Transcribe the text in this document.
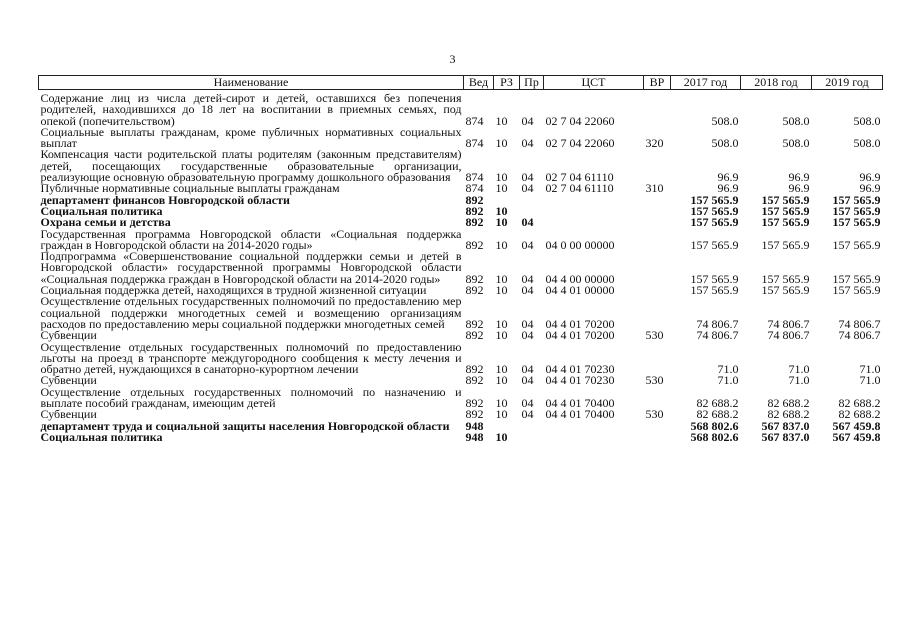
3
Наименование	Вед	РЗ	Пр	ЦСТ	ВР	2017 год	2018 год	2019 год

Содержание лиц из числа детей-сирот и детей, оставшихся без попечения родителей, находившихся до 18 лет на воспитании в приемных семьях, под опекой (попечительством)	874	10	04	02 7 04 22060		508.0	508.0	508.0
Социальные выплаты гражданам, кроме публичных нормативных социальных выплат	874	10	04	02 7 04 22060	320	508.0	508.0	508.0
Компенсация части родительской платы родителям (законным представителям) детей, посещающих государственные образовательные организации, реализующие основную образовательную программу дошкольного образования	874	10	04	02 7 04 61110		96.9	96.9	96.9
Публичные нормативные социальные выплаты гражданам	874	10	04	02 7 04 61110	310	96.9	96.9	96.9
департамент финансов Новгородской области	892					157 565.9	157 565.9	157 565.9
Социальная политика	892	10				157 565.9	157 565.9	157 565.9
Охрана семьи и детства	892	10	04			157 565.9	157 565.9	157 565.9
Государственная программа Новгородской области «Социальная поддержка граждан в Новгородской области на 2014-2020 годы»	892	10	04	04 0 00 00000		157 565.9	157 565.9	157 565.9
Подпрограмма «Совершенствование социальной поддержки семьи и детей в Новгородской области» государственной программы Новгородской области «Социальная поддержка граждан в Новгородской области на 2014-2020 годы»	892	10	04	04 4 00 00000		157 565.9	157 565.9	157 565.9
Социальная поддержка детей, находящихся в трудной жизненной ситуации	892	10	04	04 4 01 00000		157 565.9	157 565.9	157 565.9
Осуществление отдельных государственных полномочий по предоставлению мер социальной поддержки многодетных семей и возмещению организациям расходов по предоставлению меры социальной поддержки многодетных семей	892	10	04	04 4 01 70200		74 806.7	74 806.7	74 806.7
Субвенции	892	10	04	04 4 01 70200	530	74 806.7	74 806.7	74 806.7
Осуществление отдельных государственных полномочий по предоставлению льготы на проезд в транспорте междугородного сообщения к месту лечения и обратно детей, нуждающихся в санаторно-курортном лечении	892	10	04	04 4 01 70230		71.0	71.0	71.0
Субвенции	892	10	04	04 4 01 70230	530	71.0	71.0	71.0
Осуществление отдельных государственных полномочий по назначению и выплате пособий гражданам, имеющим детей	892	10	04	04 4 01 70400		82 688.2	82 688.2	82 688.2
Субвенции	892	10	04	04 4 01 70400	530	82 688.2	82 688.2	82 688.2
департамент труда и социальной защиты населения Новгородской области	948					568 802.6	567 837.0	567 459.8
Социальная политика	948	10				568 802.6	567 837.0	567 459.8
